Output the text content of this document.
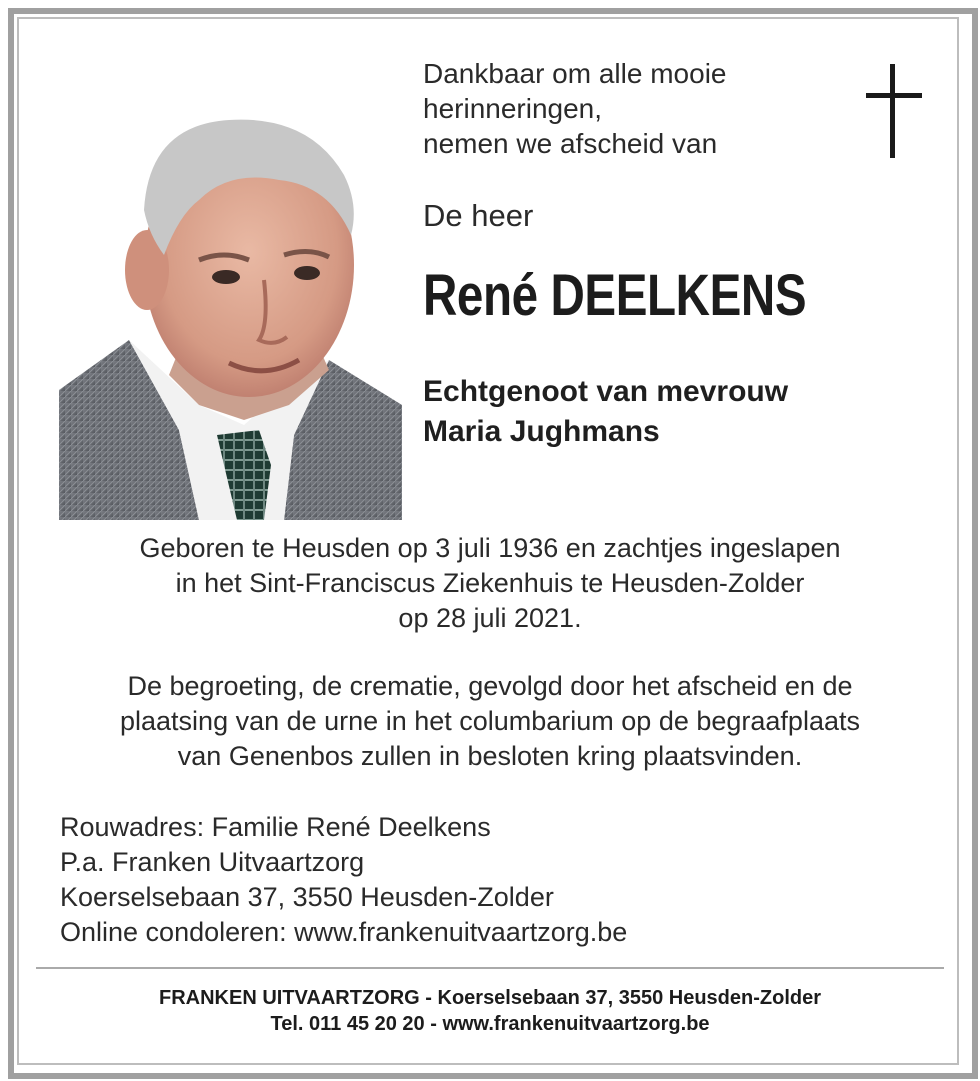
Dankbaar om alle mooie
herinneringen,
nemen we afscheid van
De heer
René DEELKENS
Echtgenoot van mevrouw
Maria Jughmans
Geboren te Heusden op 3 juli 1936 en zachtjes ingeslapen
in het Sint-Franciscus Ziekenhuis te Heusden-Zolder
op 28 juli 2021.
De begroeting, de crematie, gevolgd door het afscheid en de
plaatsing van de urne in het columbarium op de begraafplaats
van Genenbos zullen in besloten kring plaatsvinden.
Rouwadres: Familie René Deelkens
P.a. Franken Uitvaartzorg
Koerselsebaan 37, 3550 Heusden-Zolder
Online condoleren: www.frankenuitvaartzorg.be
FRANKEN UITVAARTZORG - Koerselsebaan 37, 3550 Heusden-Zolder
Tel. 011 45 20 20 - www.frankenuitvaartzorg.be
